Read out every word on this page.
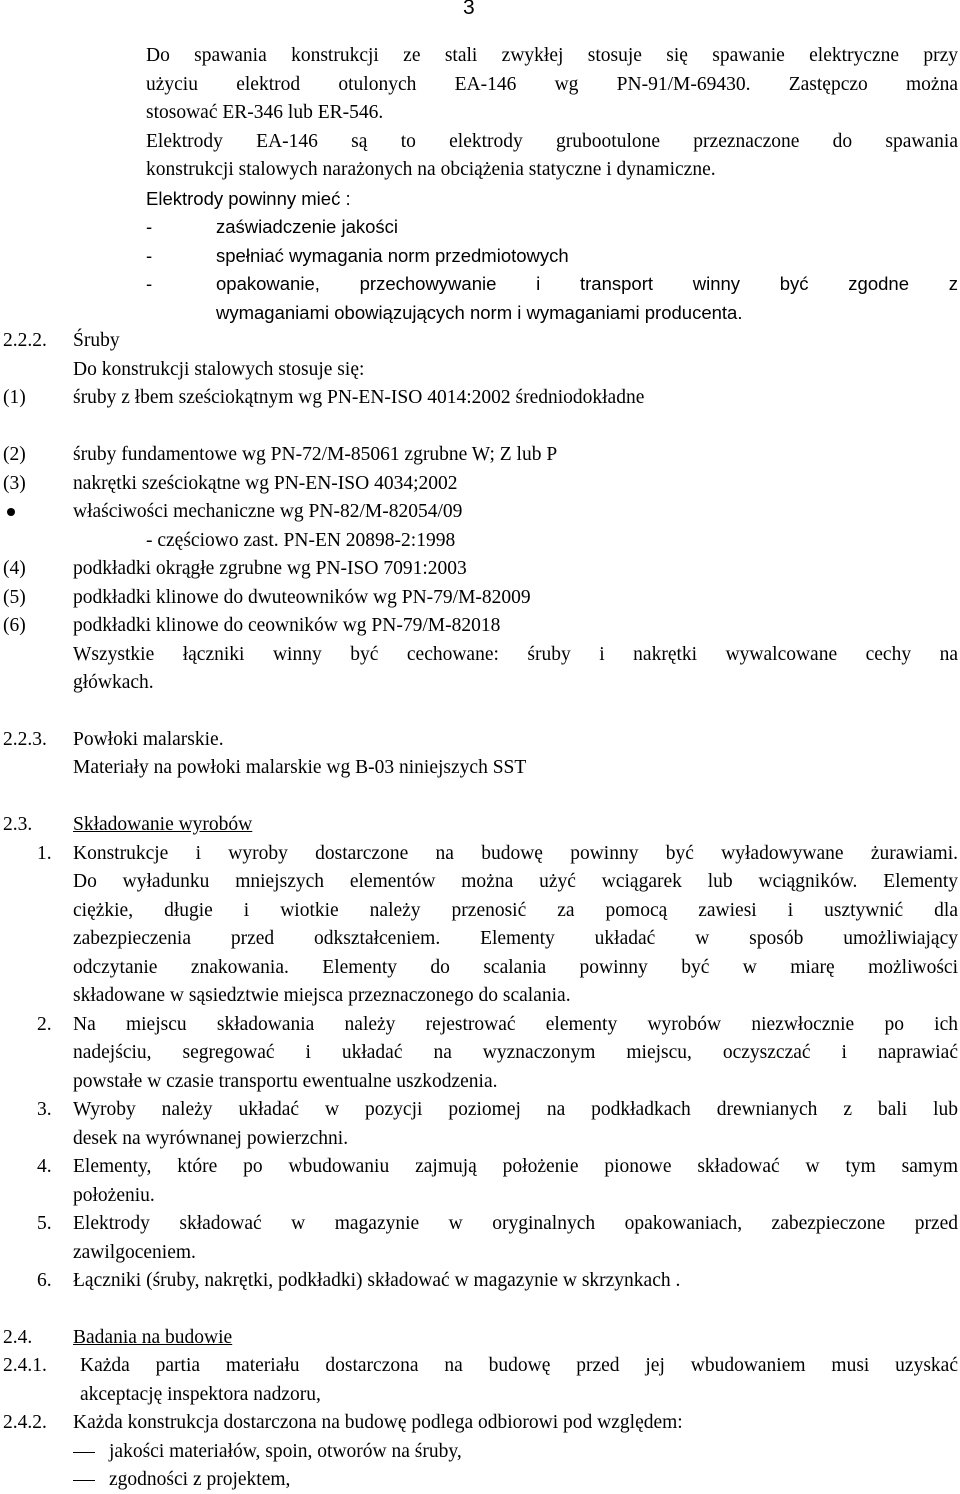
3
Do spawania konstrukcji ze stali zwykłej stosuje się spawanie elektryczne przy
użyciu elektrod otulonych EA-146 wg PN-91/M-69430. Zastępczo można
stosować ER-346 lub ER-546.
Elektrody EA-146 są to elektrody grubootulone przeznaczone do spawania
konstrukcji stalowych narażonych na obciążenia statyczne i dynamiczne.
Elektrody powinny mieć :
-	zaświadczenie jakości
-	spełniać wymagania norm przedmiotowych
-	opakowanie, przechowywanie i transport winny być zgodne z
wymaganiami obowiązujących norm i wymaganiami producenta.
2.2.2. Śruby
Do konstrukcji stalowych stosuje się:
(1) śruby z łbem sześciokątnym wg PN-EN-ISO 4014:2002 średniodokładne
(2) śruby fundamentowe wg PN-72/M-85061 zgrubne W; Z lub P
(3) nakrętki sześciokątne wg PN-EN-ISO 4034;2002
właściwości mechaniczne wg PN-82/M-82054/09
- częściowo zast. PN-EN 20898-2:1998
(4) podkładki okrągłe zgrubne wg PN-ISO 7091:2003
(5) podkładki klinowe do dwuteowników wg PN-79/M-82009
(6) podkładki klinowe do ceowników wg PN-79/M-82018
Wszystkie łączniki winny być cechowane: śruby i nakrętki wywalcowane cechy na
główkach.
2.2.3. Powłoki malarskie.
Materiały na powłoki malarskie wg B-03 niniejszych SST
2.3. Składowanie wyrobów
1. Konstrukcje i wyroby dostarczone na budowę powinny być wyładowywane żurawiami.
Do wyładunku mniejszych elementów można użyć wciągarek lub wciągników. Elementy
ciężkie, długie i wiotkie należy przenosić za pomocą zawiesi i usztywnić dla
zabezpieczenia przed odkształceniem. Elementy układać w sposób umożliwiający
odczytanie znakowania. Elementy do scalania powinny być w miarę możliwości
składowane w sąsiedztwie miejsca przeznaczonego do scalania.
2. Na miejscu składowania należy rejestrować elementy wyrobów niezwłocznie po ich
nadejściu, segregować i układać na wyznaczonym miejscu, oczyszczać i naprawiać
powstałe w czasie transportu ewentualne uszkodzenia.
3. Wyroby należy układać w pozycji poziomej na podkładkach drewnianych z bali lub
desek na wyrównanej powierzchni.
4. Elementy, które po wbudowaniu zajmują położenie pionowe składować w tym samym
położeniu.
5. Elektrody składować w magazynie w oryginalnych opakowaniach, zabezpieczone przed
zawilgoceniem.
6. Łączniki (śruby, nakrętki, podkładki) składować w magazynie w skrzynkach .
2.4. Badania na budowie
2.4.1. Każda partia materiału dostarczona na budowę przed jej wbudowaniem musi uzyskać
akceptację inspektora nadzoru,
2.4.2. Każda konstrukcja dostarczona na budowę podlega odbiorowi pod względem:
jakości materiałów, spoin, otworów na śruby,
zgodności z projektem,
